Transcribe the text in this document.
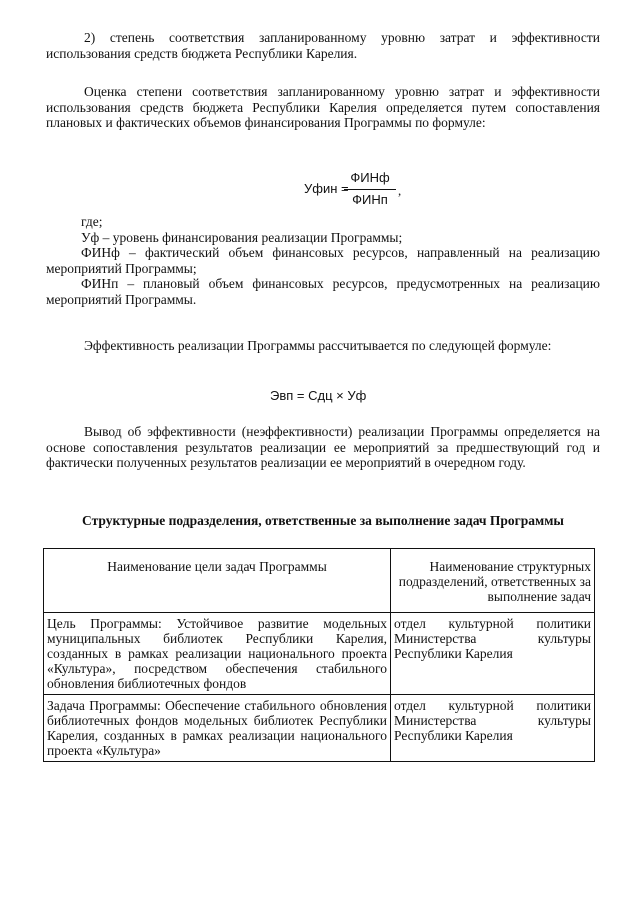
2) степень соответствия запланированному уровню затрат и эффективности использования средств бюджета Республики Карелия.

Оценка степени соответствия запланированному уровню затрат и эффективности использования средств бюджета Республики Карелия определяется путем сопоставления плановых и фактических объемов финансирования Программы по формуле:

Уфин =
ФИНф
ФИНп
,
где;
Уф – уровень финансирования реализации Программы;
ФИНф – фактический объем финансовых ресурсов, направленный на реализацию мероприятий Программы;
ФИНп – плановый объем финансовых ресурсов, предусмотренных на реализацию мероприятий Программы.

Эффективность реализации Программы рассчитывается по следующей формуле:

Эвп = Сдц × Уф

Вывод об эффективности (неэффективности) реализации Программы определяется на основе сопоставления результатов реализации ее мероприятий за предшествующий год и фактически полученных результатов реализации ее мероприятий в очередном году.

Структурные подразделения, ответственные за выполнение задач Программы
Наименование цели задач Программы	Наименование структурных подразделений, ответственных за выполнение задач
Цель Программы: Устойчивое развитие модельных муниципальных библиотек Республики Карелия, созданных в рамках реализации национального проекта «Культура», посредством обеспечения стабильного обновления библиотечных фондов	отдел культурной политики Министерства культуры Республики Карелия
Задача Программы: Обеспечение стабильного обновления библиотечных фондов модельных библиотек Республики Карелия, созданных в рамках реализации национального проекта «Культура»	отдел культурной политики Министерства культуры Республики Карелия
